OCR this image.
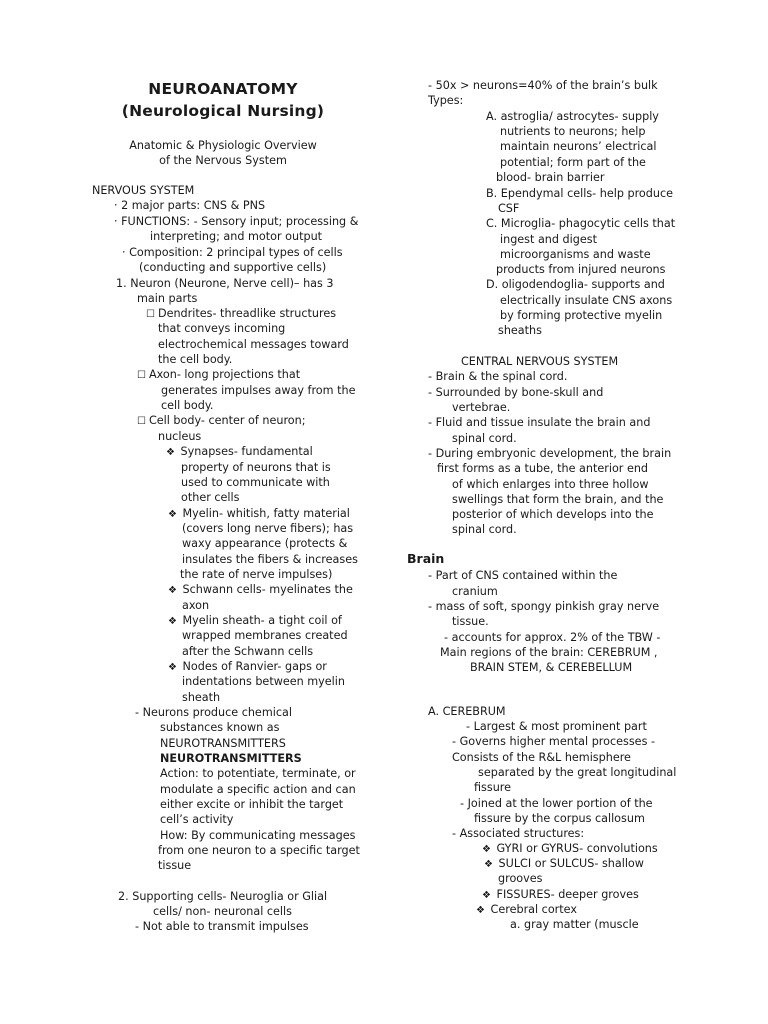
NEUROANATOMY
(Neurological Nursing)
Anatomic & Physiologic Overview
of the Nervous System
NERVOUS SYSTEM
· 2 major parts: CNS & PNS
· FUNCTIONS: - Sensory input; processing &
interpreting; and motor output
· Composition: 2 principal types of cells
(conducting and supportive cells)
1. Neuron (Neurone, Nerve cell)– has 3
main parts
☐ Dendrites- threadlike structures
that conveys incoming
electrochemical messages toward
the cell body.
☐ Axon- long projections that
generates impulses away from the
cell body.
☐ Cell body- center of neuron;
nucleus
❖ Synapses- fundamental
property of neurons that is
used to communicate with
other cells
❖ Myelin- whitish, fatty material
(covers long nerve fibers); has
waxy appearance (protects &
insulates the fibers & increases
the rate of nerve impulses)
❖ Schwann cells- myelinates the
axon
❖ Myelin sheath- a tight coil of
wrapped membranes created
after the Schwann cells
❖ Nodes of Ranvier- gaps or
indentations between myelin
sheath
- Neurons produce chemical
substances known as
NEUROTRANSMITTERS
NEUROTRANSMITTERS
Action: to potentiate, terminate, or
modulate a specific action and can
either excite or inhibit the target
cell’s activity
How: By communicating messages
from one neuron to a specific target
tissue
2. Supporting cells- Neuroglia or Glial
cells/ non- neuronal cells
- Not able to transmit impulses
- 50x > neurons=40% of the brain’s bulk
Types:
A. astroglia/ astrocytes- supply
nutrients to neurons; help
maintain neurons’ electrical
potential; form part of the
blood- brain barrier
B. Ependymal cells- help produce
CSF
C. Microglia- phagocytic cells that
ingest and digest
microorganisms and waste
products from injured neurons
D. oligodendoglia- supports and
electrically insulate CNS axons
by forming protective myelin
sheaths
CENTRAL NERVOUS SYSTEM
- Brain & the spinal cord.
- Surrounded by bone-skull and
vertebrae.
- Fluid and tissue insulate the brain and
spinal cord.
- During embryonic development, the brain
first forms as a tube, the anterior end
of which enlarges into three hollow
swellings that form the brain, and the
posterior of which develops into the
spinal cord.
Brain
- Part of CNS contained within the
cranium
- mass of soft, spongy pinkish gray nerve
tissue.
- accounts for approx. 2% of the TBW -
Main regions of the brain: CEREBRUM ,
BRAIN STEM, & CEREBELLUM
A. CEREBRUM
- Largest & most prominent part
- Governs higher mental processes -
Consists of the R&L hemisphere
separated by the great longitudinal
fissure
- Joined at the lower portion of the
fissure by the corpus callosum
- Associated structures:
❖ GYRI or GYRUS- convolutions
❖ SULCI or SULCUS- shallow
grooves
❖ FISSURES- deeper groves
❖ Cerebral cortex
a. gray matter (muscle
